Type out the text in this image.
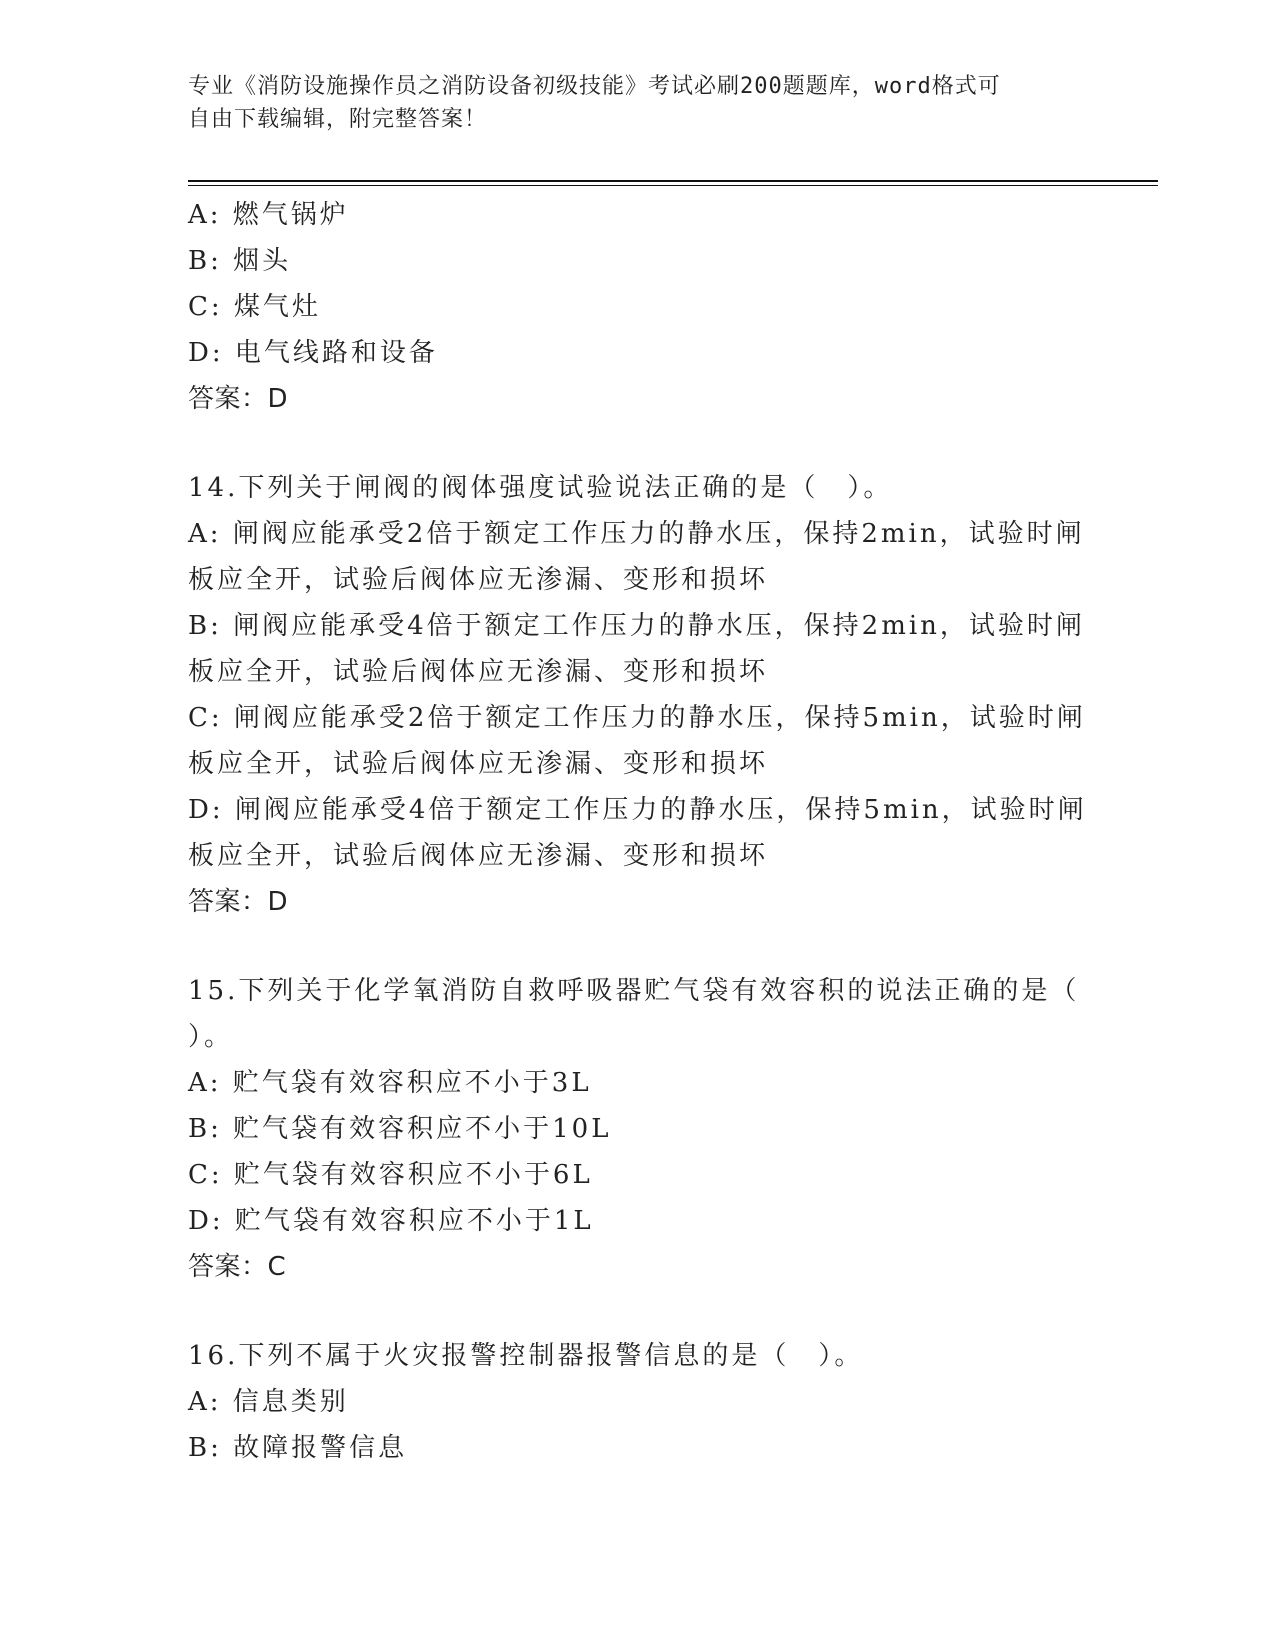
专业《消防设施操作员之消防设备初级技能》考试必刷200题题库，word格式可
自由下载编辑，附完整答案！
A: 燃气锅炉
B: 烟头
C: 煤气灶
D: 电气线路和设备
答案：D
14.下列关于闸阀的阀体强度试验说法正确的是（　）。
A: 闸阀应能承受2倍于额定工作压力的静水压，保持2min，试验时闸
板应全开，试验后阀体应无渗漏、变形和损坏
B: 闸阀应能承受4倍于额定工作压力的静水压，保持2min，试验时闸
板应全开，试验后阀体应无渗漏、变形和损坏
C: 闸阀应能承受2倍于额定工作压力的静水压，保持5min，试验时闸
板应全开，试验后阀体应无渗漏、变形和损坏
D: 闸阀应能承受4倍于额定工作压力的静水压，保持5min，试验时闸
板应全开，试验后阀体应无渗漏、变形和损坏
答案：D
15.下列关于化学氧消防自救呼吸器贮气袋有效容积的说法正确的是（
）。
A: 贮气袋有效容积应不小于3L
B: 贮气袋有效容积应不小于10L
C: 贮气袋有效容积应不小于6L
D: 贮气袋有效容积应不小于1L
答案：C
16.下列不属于火灾报警控制器报警信息的是（　）。
A: 信息类别
B: 故障报警信息
